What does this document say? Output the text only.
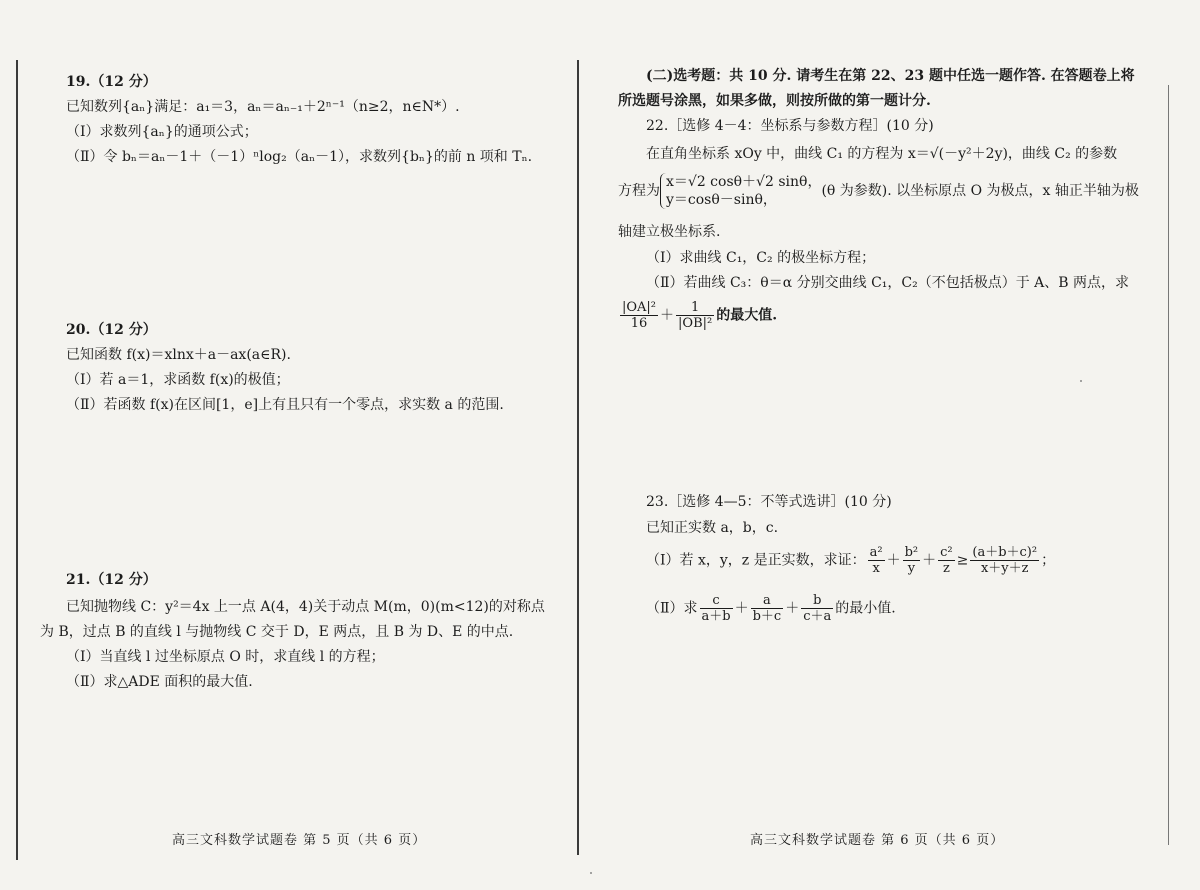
19.（12 分）
已知数列{aₙ}满足：a₁＝3，aₙ＝aₙ₋₁＋2ⁿ⁻¹（n≥2，n∈N*）.
（Ⅰ）求数列{aₙ}的通项公式；
（Ⅱ）令 bₙ＝aₙ－1＋（－1）ⁿlog₂（aₙ－1），求数列{bₙ}的前 n 项和 Tₙ.
20.（12 分）
已知函数 f(x)＝xlnx＋a－ax(a∈R).
（Ⅰ）若 a＝1，求函数 f(x)的极值；
（Ⅱ）若函数 f(x)在区间[1，e]上有且只有一个零点，求实数 a 的范围.
21.（12 分）
已知抛物线 C：y²＝4x 上一点 A(4，4)关于动点 M(m，0)(m<12)的对称点
为 B，过点 B 的直线 l 与抛物线 C 交于 D，E 两点，且 B 为 D、E 的中点.
（Ⅰ）当直线 l 过坐标原点 O 时，求直线 l 的方程；
（Ⅱ）求△ADE 面积的最大值.
高三文科数学试题卷 第 5 页（共 6 页）
(二)选考题：共 10 分. 请考生在第 22、23 题中任选一题作答. 在答题卷上将
所选题号涂黑，如果多做，则按所做的第一题计分.
22.［选修 4－4：坐标系与参数方程］(10 分)
在直角坐标系 xOy 中，曲线 C₁ 的方程为 x＝√(－y²＋2y)，曲线 C₂ 的参数
方程为
x＝√2 cosθ＋√2 sinθ，
y＝cosθ－sinθ，
(θ 为参数). 以坐标原点 O 为极点，x 轴正半轴为极
轴建立极坐标系.
（Ⅰ）求曲线 C₁，C₂ 的极坐标方程；
（Ⅱ）若曲线 C₃：θ＝α 分别交曲线 C₁，C₂（不包括极点）于 A、B 两点，求
$\frac{\text{|OA|²}}{16} + \frac{1}{\text{|OB|²}}$ 的最大值.
23.［选修 4—5：不等式选讲］(10 分)
已知正实数 a，b，c.
（Ⅰ）若 x，y，z 是正实数，求证： $\frac{\text{a²}}{x} + \frac{\text{b²}}{y} + \frac{\text{c²}}{z} \ge \frac{\text{(a＋b＋c)²}}{x+y+z}$ ；
（Ⅱ）求 $\frac{c}{a+b} + \frac{a}{b+c} + \frac{b}{c+a}$ 的最小值.
高三文科数学试题卷 第 6 页（共 6 页）
